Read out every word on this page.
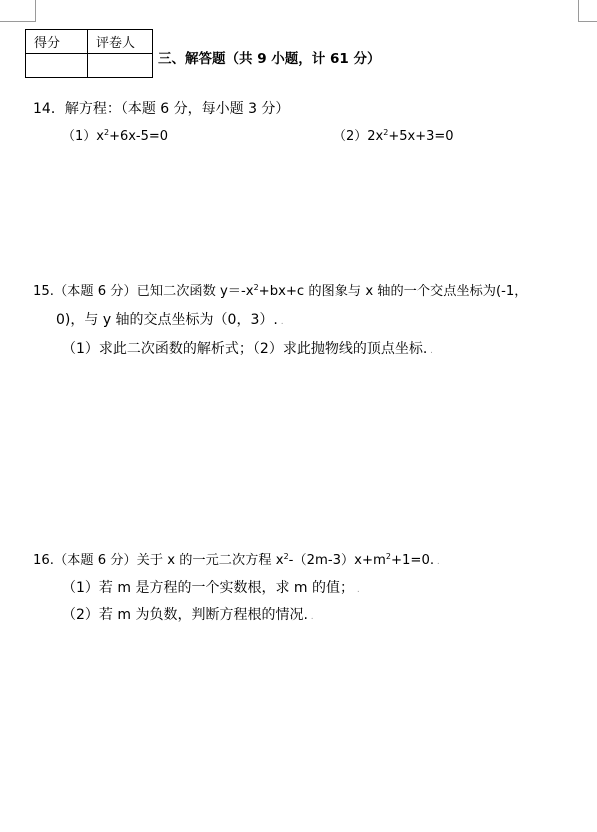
得分	评卷人

三、解答题（共 9 小题，计 61 分）
14．解方程：（本题 6 分，每小题 3 分）
$(1)x^2+6x-5=0$	$(2)2x^2+5x+3=0$
15.（本题 6 分）已知二次函数 $y=-x^2+bx+c$ 的图象与 x 轴的一个交点坐标为(-1，
0)，与 y 轴的交点坐标为（0，3）. .
（1）求此二次函数的解析式；（2）求此抛物线的顶点坐标. .
16.（本题 6 分）关于 x 的一元二次方程 $x^2-(2m-3)x+m^2+1=0$. .
（1）若 m 是方程的一个实数根，求 m 的值； .
（2）若 m 为负数，判断方程根的情况. .
